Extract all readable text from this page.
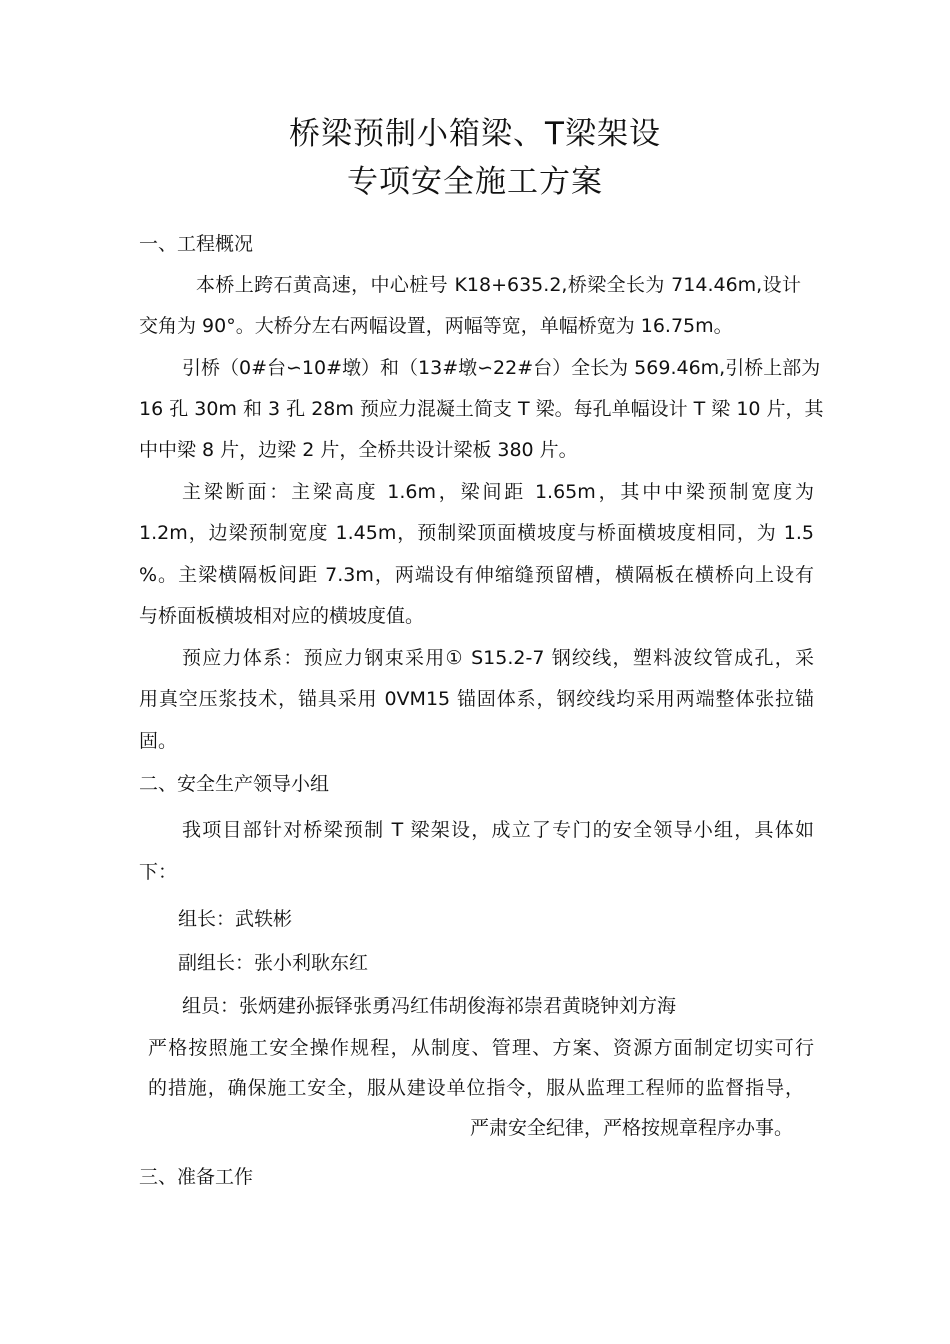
桥梁预制小箱梁、T梁架设
专项安全施工方案
一、工程概况
本桥上跨石黄高速，中心桩号 K18+635.2,桥梁全长为 714.46m,设计
交角为 90°。大桥分左右两幅设置，两幅等宽，单幅桥宽为 16.75m。
引桥（0#台∽10#墩）和（13#墩∽22#台）全长为 569.46m,引桥上部为
16 孔 30m 和 3 孔 28m 预应力混凝土简支 T 梁。每孔单幅设计 T 梁 10 片，其
中中梁 8 片，边梁 2 片，全桥共设计梁板 380 片。
主梁断面：主梁高度 1.6m，梁间距 1.65m，其中中梁预制宽度为
1.2m，边梁预制宽度 1.45m，预制梁顶面横坡度与桥面横坡度相同，为 1.5
%。主梁横隔板间距 7.3m，两端设有伸缩缝预留槽，横隔板在横桥向上设有
与桥面板横坡相对应的横坡度值。
预应力体系：预应力钢束采用① S15.2-7 钢绞线，塑料波纹管成孔，采
用真空压浆技术，锚具采用 0VM15 锚固体系，钢绞线均采用两端整体张拉锚
固。
二、安全生产领导小组
我项目部针对桥梁预制 T 梁架设，成立了专门的安全领导小组，具体如
下：
组长：武轶彬
副组长：张小利耿东红
组员：张炳建孙振铎张勇冯红伟胡俊海祁崇君黄晓钟刘方海
严格按照施工安全操作规程，从制度、管理、方案、资源方面制定切实可行
的措施，确保施工安全，服从建设单位指令，服从监理工程师的监督指导，
严肃安全纪律，严格按规章程序办事。
三、准备工作
